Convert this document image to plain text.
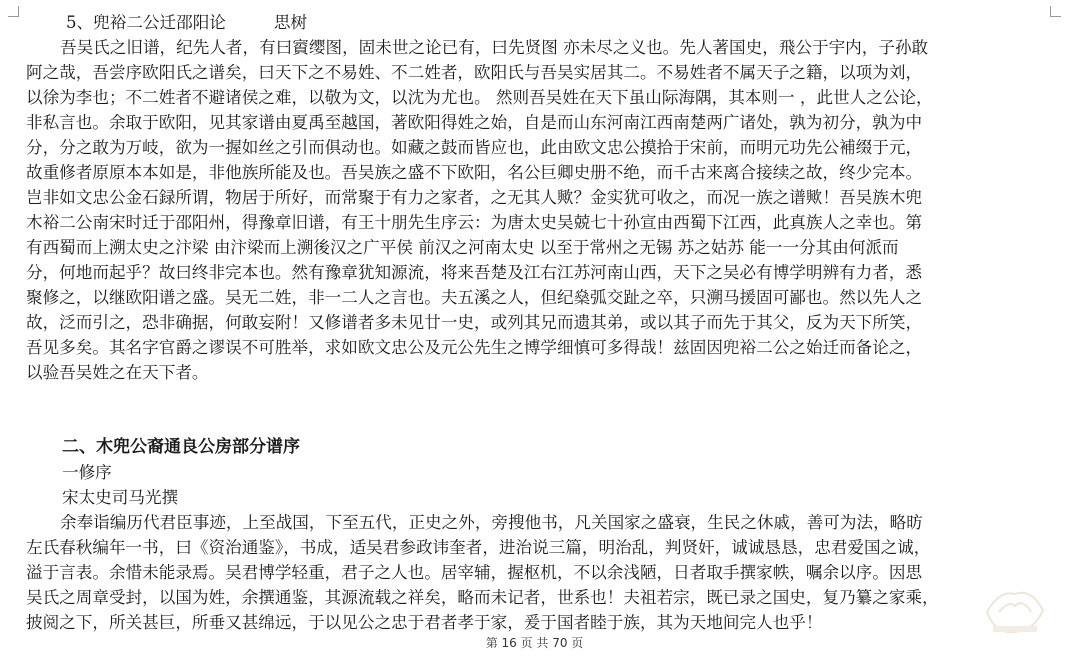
5、兜裕二公迁邵阳论	思树
吾吴氏之旧谱，纪先人者，有曰賨缨图，固未世之论已有，曰先贤图 亦未尽之义也。先人著国史，飛公于宇内，子孙敢
阿之哉，吾尝序欧阳氏之谱矣，曰天下之不易姓、不二姓者，欧阳氏与吾吴实居其二。不易姓者不属天子之籍，以项为刘，
以徐为李也；不二姓者不避诸侯之难，以敬为文，以沈为尤也。 然则吾吴姓在天下虽山际海隅，其本则一 ，此世人之公论，
非私言也。余取于欧阳，见其家谱由夏禹至越国，著欧阳得姓之始，自是而山东河南江西南楚两广诸处，孰为初分，孰为中
分，分之敢为万岐，欲为一握如丝之引而俱动也。如藏之鼓而皆应也，此由欧文忠公摸拾于宋前，而明元功先公補缀于元，
故重修者原原本本如是，非他族所能及也。吾吴族之盛不下欧阳，名公巨卿史册不绝，而千古来离合接续之故，终少完本。
岂非如文忠公金石録所谓，物居于所好，而常聚于有力之家者，之无其人歟？金实犹可收之，而况一族之谱歟！吾吴族木兜
木裕二公南宋时迁于邵阳州，得豫章旧谱，有王十朋先生序云：为唐太史吴兢七十孙宣由西蜀下江西，此真族人之幸也。第
有西蜀而上溯太史之汴梁 由汴梁而上溯後汉之广平侯 前汉之河南太史 以至于常州之无锡 苏之姑苏 能一一分其由何派而
分，何地而起乎？故曰终非完本也。然有豫章犹知源流，将来吾楚及江右江苏河南山西，天下之吴必有博学明辨有力者，悉
聚修之，以继欧阳谱之盛。吴无二姓，非一二人之言也。夫五溪之人，但纪燊弧交趾之卒，只溯马援固可鄙也。然以先人之
故，泛而引之，恐非确据，何敢妄附！又修谱者多未见廿一史，或列其兄而遗其弟，或以其子而先于其父，反为天下所笑，
吾见多矣。其名字官爵之谬误不可胜举，求如欧文忠公及元公先生之博学细慎可多得哉！兹固因兜裕二公之始迁而备论之，
以验吾吴姓之在天下者。
二、木兜公裔通良公房部分谱序
一修序
宋太史司马光撰
余奉诣编历代君臣事迹，上至战国，下至五代，正史之外，旁搜他书，凡关国家之盛衰，生民之休戚，善可为法，略昉
左氏春秋编年一书，曰《资治通鉴》，书成，适吴君参政讳奎者，进治说三篇，明治乱，判贤奸，诚诚恳恳，忠君爱国之诚，
溢于言表。余惜未能录焉。吴君博学轻重，君子之人也。居宰辅，握枢机，不以余浅陋，日者取手撰家帙，嘱余以序。因思
吴氏之周章受封，以国为姓，余撰通鉴，其源流载之祥矣，略而未记者，世系也！夫祖若宗，既已录之国史，复乃纂之家乘，
披阅之下，所关甚巨，所垂又甚绵远，于以见公之忠于君者孝于家，爰于国者睦于族，其为天地间完人也乎！
第 16 页 共 70 页
